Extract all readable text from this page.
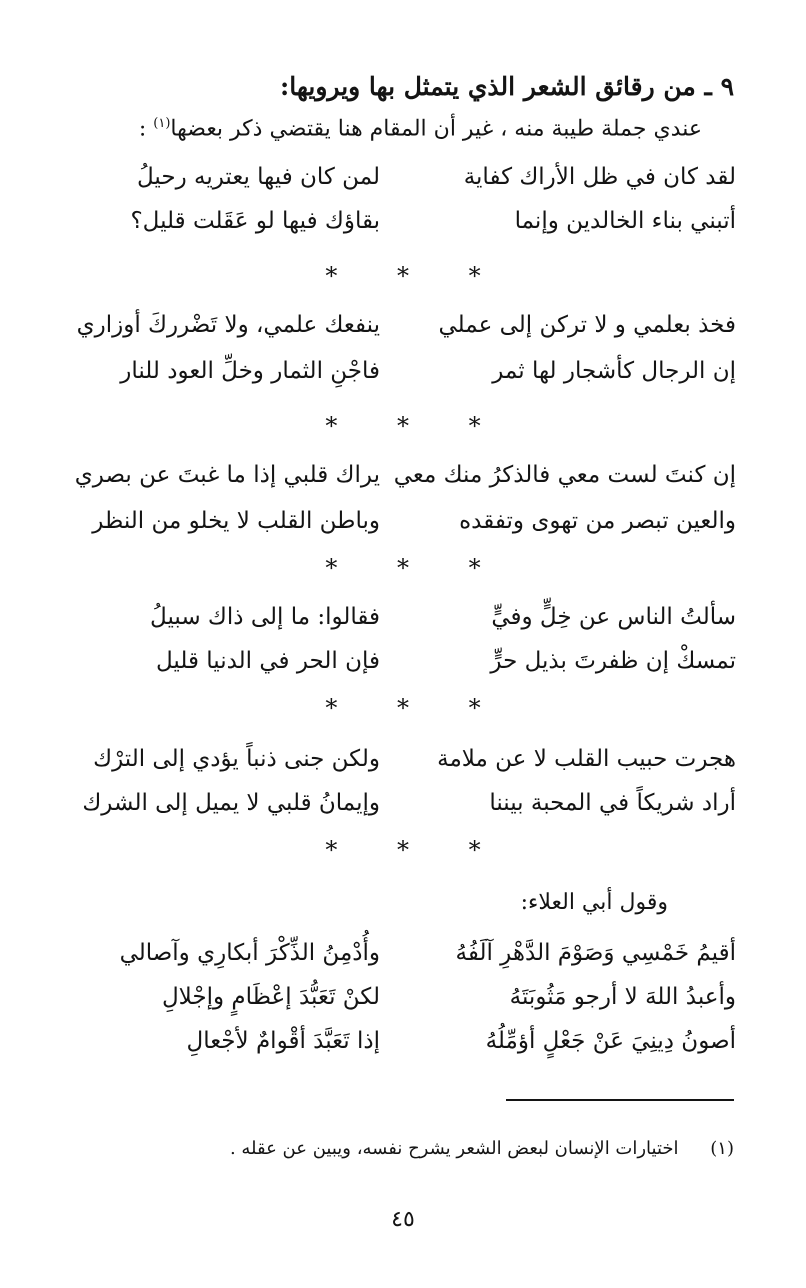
٩ ـ من رقائق الشعر الذي يتمثل بها ويرويها:
عندي جملة طيبة منه ، غير أن المقام هنا يقتضي ذكر بعضها$^{(١)}$ :
لقد كان في ظل الأراك كفاية
لمن كان فيها يعتريه رحيلُ
أتبني بناء الخالدين وإنما
بقاؤك فيها لو عَقَلت قليل؟
* * *
فخذ بعلمي و لا تركن إلى عملي
ينفعك علمي، ولا تَضْرركَ أوزاري
إن الرجال كأشجار لها ثمر
فاجْنِ الثمار وخلِّ العود للنار
* * *
إن كنتَ لست معي فالذكرُ منك معي
يراك قلبي إذا ما غبتَ عن بصري
والعين تبصر من تهوى وتفقده
وباطن القلب لا يخلو من النظر
* * *
سألتُ الناس عن خِلٍّ وفيٍّ
فقالوا: ما إلى ذاك سبيلُ
تمسكْ إن ظفرتَ بذيل حرٍّ
فإن الحر في الدنيا قليل
* * *
هجرت حبيب القلب لا عن ملامة
ولكن جنى ذنباً يؤدي إلى الترْك
أراد شريكاً في المحبة بيننا
وإيمانُ قلبي لا يميل إلى الشرك
* * *
وقول أبي العلاء:
أقيمُ خَمْسِي وَصَوْمَ الدَّهْرِ آلَفُهُ
وأُدْمِنُ الذِّكْرَ أبكارِي وآصالي
وأعبدُ اللهَ لا أرجو مَثُوبَتَهُ
لكنْ تَعَبُّدَ إعْظَامٍ وإجْلالِ
أصونُ دِينِيَ عَنْ جَعْلٍ أؤمِّلُهُ
إذا تَعَبَّدَ أقْوامٌ لأجْعالِ
(١) اختيارات الإنسان لبعض الشعر يشرح نفسه، ويبين عن عقله .
٤٥
